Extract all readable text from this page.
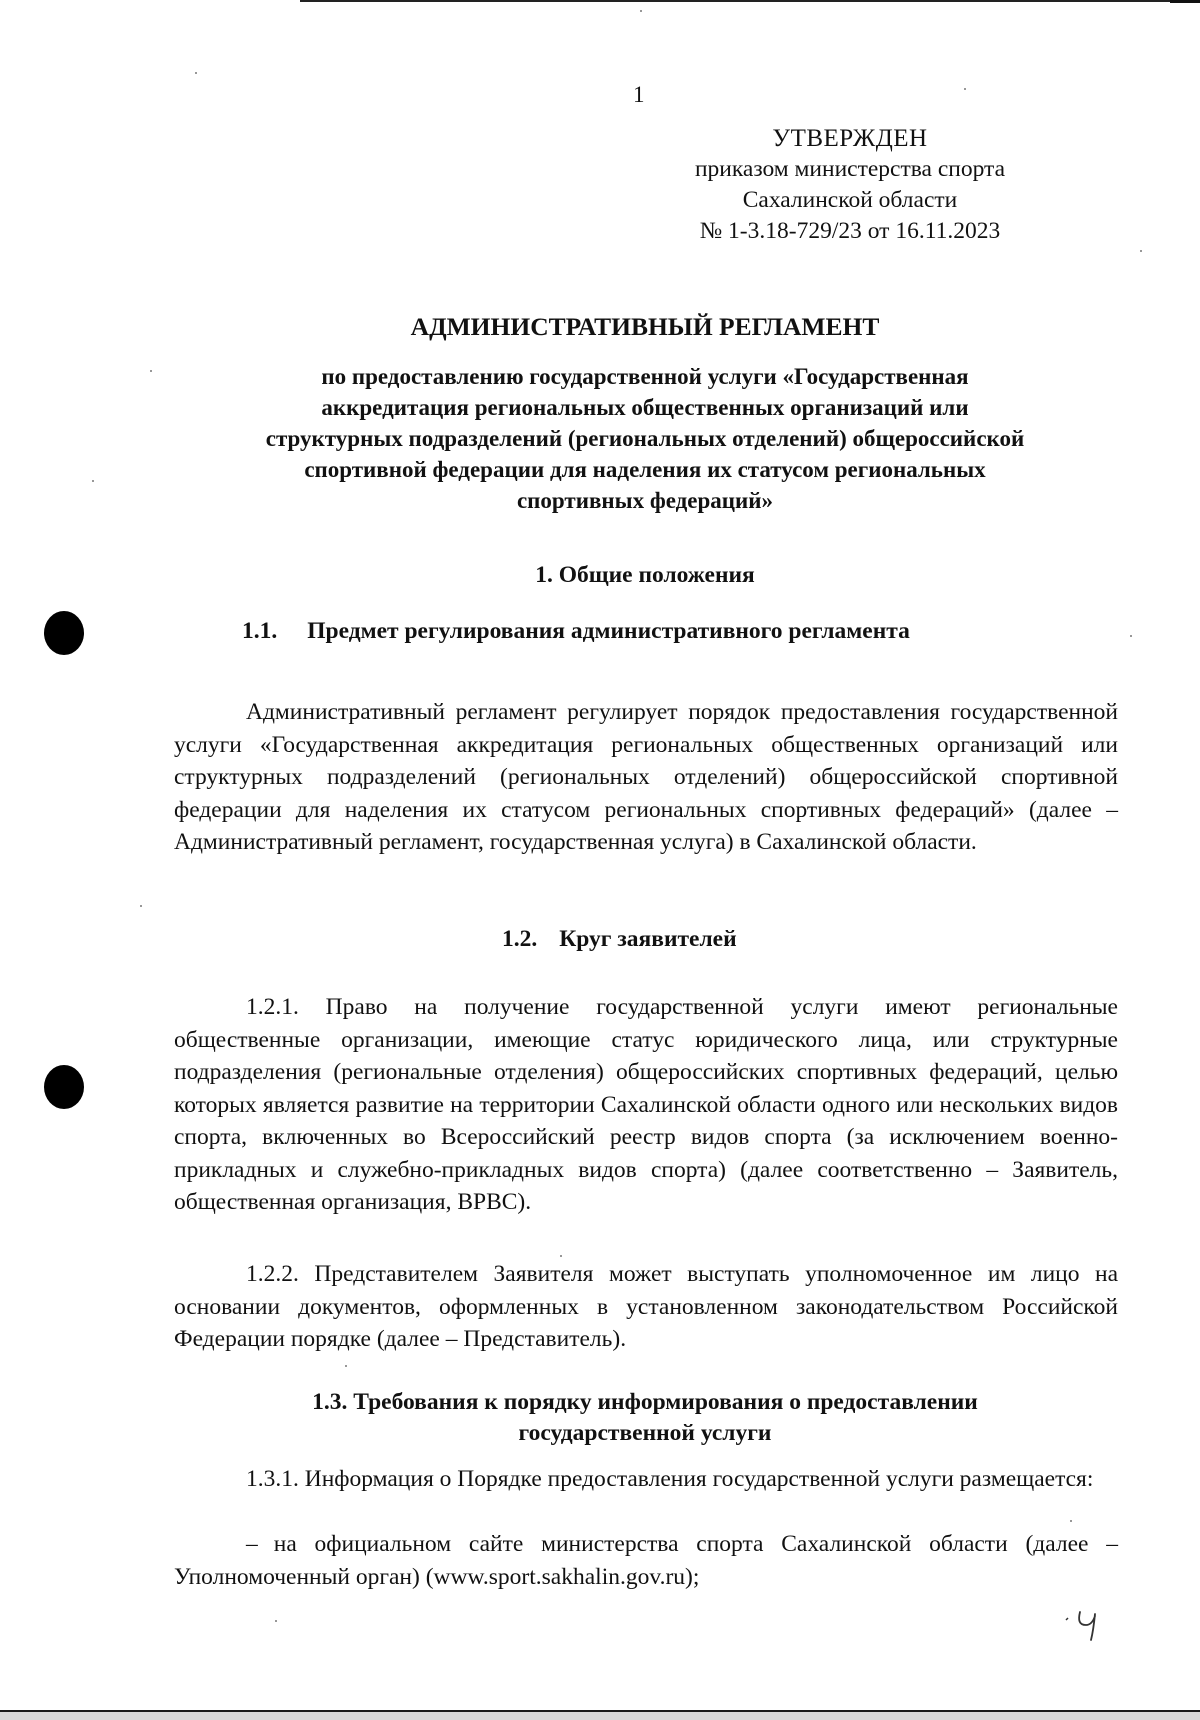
1
УТВЕРЖДЕН
приказом министерства спорта
Сахалинской области
№ 1-3.18-729/23 от 16.11.2023
АДМИНИСТРАТИВНЫЙ РЕГЛАМЕНТ
по предоставлению государственной услуги «Государственная
аккредитация региональных общественных организаций или
структурных подразделений (региональных отделений) общероссийской
спортивной федерации для наделения их статусом региональных
спортивных федераций»
1. Общие положения
1.1. Предмет регулирования административного регламента
Административный регламент регулирует порядок предоставления государственной услуги «Государственная аккредитация региональных общественных организаций или структурных подразделений (региональных отделений) общероссийской спортивной федерации для наделения их статусом региональных спортивных федераций» (далее – Административный регламент, государственная услуга) в Сахалинской области.
1.2. Круг заявителей
1.2.1. Право на получение государственной услуги имеют региональные общественные организации, имеющие статус юридического лица, или структурные подразделения (региональные отделения) общероссийских спортивных федераций, целью которых является развитие на территории Сахалинской области одного или нескольких видов спорта, включенных во Всероссийский реестр видов спорта (за исключением военно-прикладных и служебно-прикладных видов спорта) (далее соответственно – Заявитель, общественная организация, ВРВС).
1.2.2. Представителем Заявителя может выступать уполномоченное им лицо на основании документов, оформленных в установленном законодательством Российской Федерации порядке (далее – Представитель).
1.3. Требования к порядку информирования о предоставлении
государственной услуги
1.3.1. Информация о Порядке предоставления государственной услуги размещается:
– на официальном сайте министерства спорта Сахалинской области (далее – Уполномоченный орган) (www.sport.sakhalin.gov.ru);
